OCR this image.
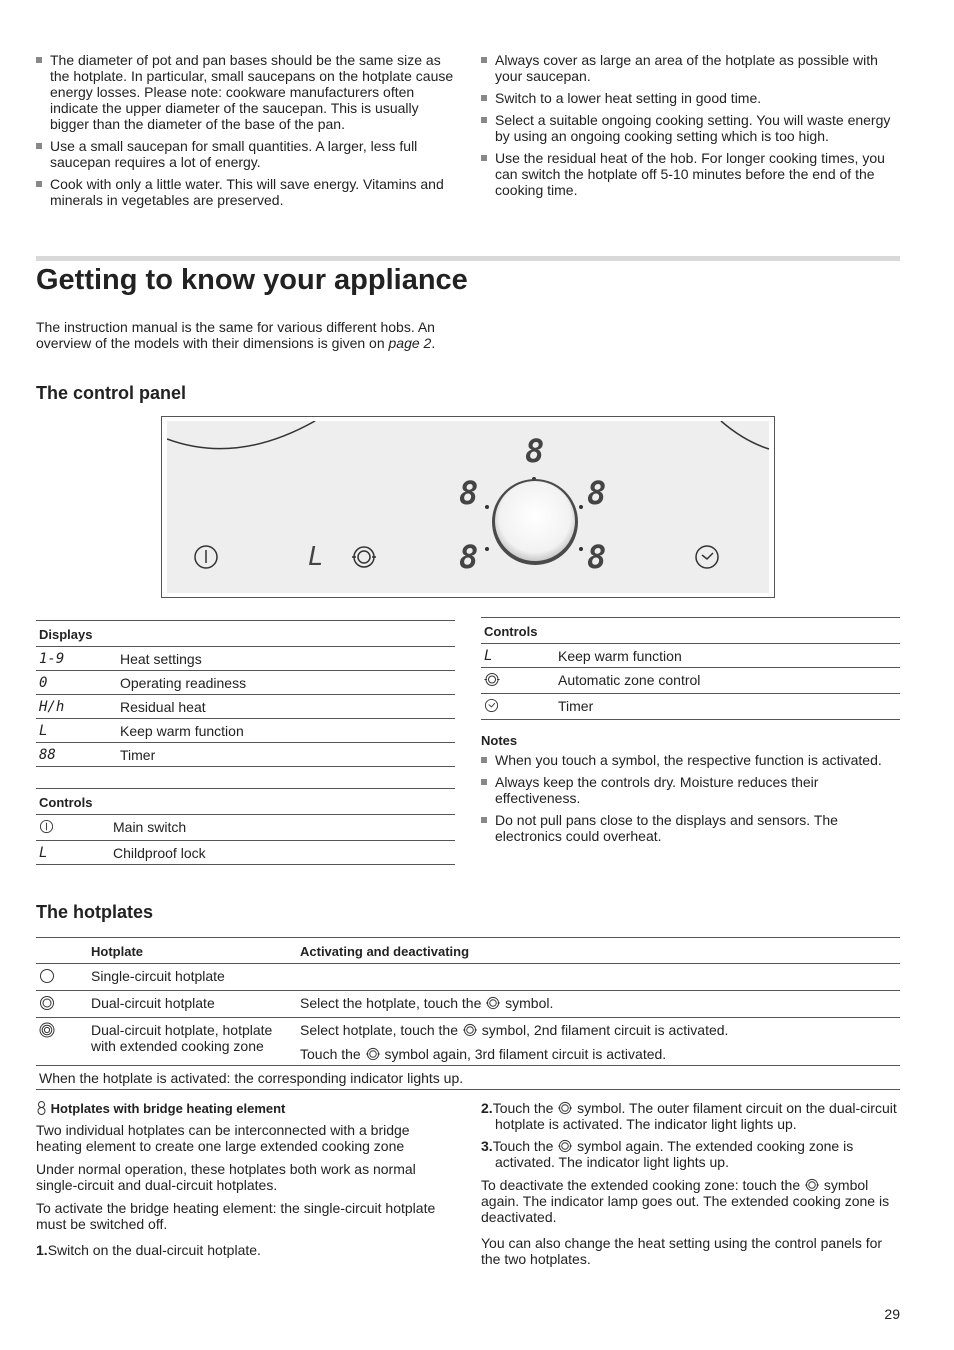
The diameter of pot and pan bases should be the same size as the hotplate. In particular, small saucepans on the hotplate cause energy losses. Please note: cookware manufacturers often indicate the upper diameter of the saucepan. This is usually bigger than the diameter of the base of the pan.
Use a small saucepan for small quantities. A larger, less full saucepan requires a lot of energy.
Cook with only a little water. This will save energy. Vitamins and minerals in vegetables are preserved.
Always cover as large an area of the hotplate as possible with your saucepan.
Switch to a lower heat setting in good time.
Select a suitable ongoing cooking setting. You will waste energy by using an ongoing cooking setting which is too high.
Use the residual heat of the hob. For longer cooking times, you can switch the hotplate off 5-10 minutes before the end of the cooking time.
Getting to know your appliance

The instruction manual is the same for various different hobs. An overview of the models with their dimensions is given on page 2.

The control panel
L
8
8	8
8	8
Displays	
1-9	Heat settings
0	Operating readiness
H/h	Residual heat
L	Keep warm function
88	Timer
Controls	
	Main switch
L	Childproof lock
Controls	
L	Keep warm function
	Automatic zone control
	Timer
Notes
When you touch a symbol, the respective function is activated.
Always keep the controls dry. Moisture reduces their effectiveness.
Do not pull pans close to the displays and sensors. The electronics could overheat.
The hotplates
	Hotplate	Activating and deactivating
	Single-circuit hotplate	
	Dual-circuit hotplate	Select the hotplate, touch the  symbol.
	Dual-circuit hotplate, hotplate with extended cooking zone	Select hotplate, touch the  symbol, 2nd filament circuit is activated.
Touch the  symbol again, 3rd filament circuit is activated.

When the hotplate is activated: the corresponding indicator lights up.		
Hotplates with bridge heating element

Two individual hotplates can be interconnected with a bridge heating element to create one large extended cooking zone

Under normal operation, these hotplates both work as normal single-circuit and dual-circuit hotplates.

To activate the bridge heating element: the single-circuit hotplate must be switched off.

1.Switch on the dual-circuit hotplate.

2.Touch the  symbol. The outer filament circuit on the dual-circuit hotplate is activated. The indicator light lights up.

3.Touch the  symbol again. The extended cooking zone is activated. The indicator light lights up.

To deactivate the extended cooking zone: touch the  symbol again. The indicator lamp goes out. The extended cooking zone is deactivated.

You can also change the heat setting using the control panels for the two hotplates.

29
